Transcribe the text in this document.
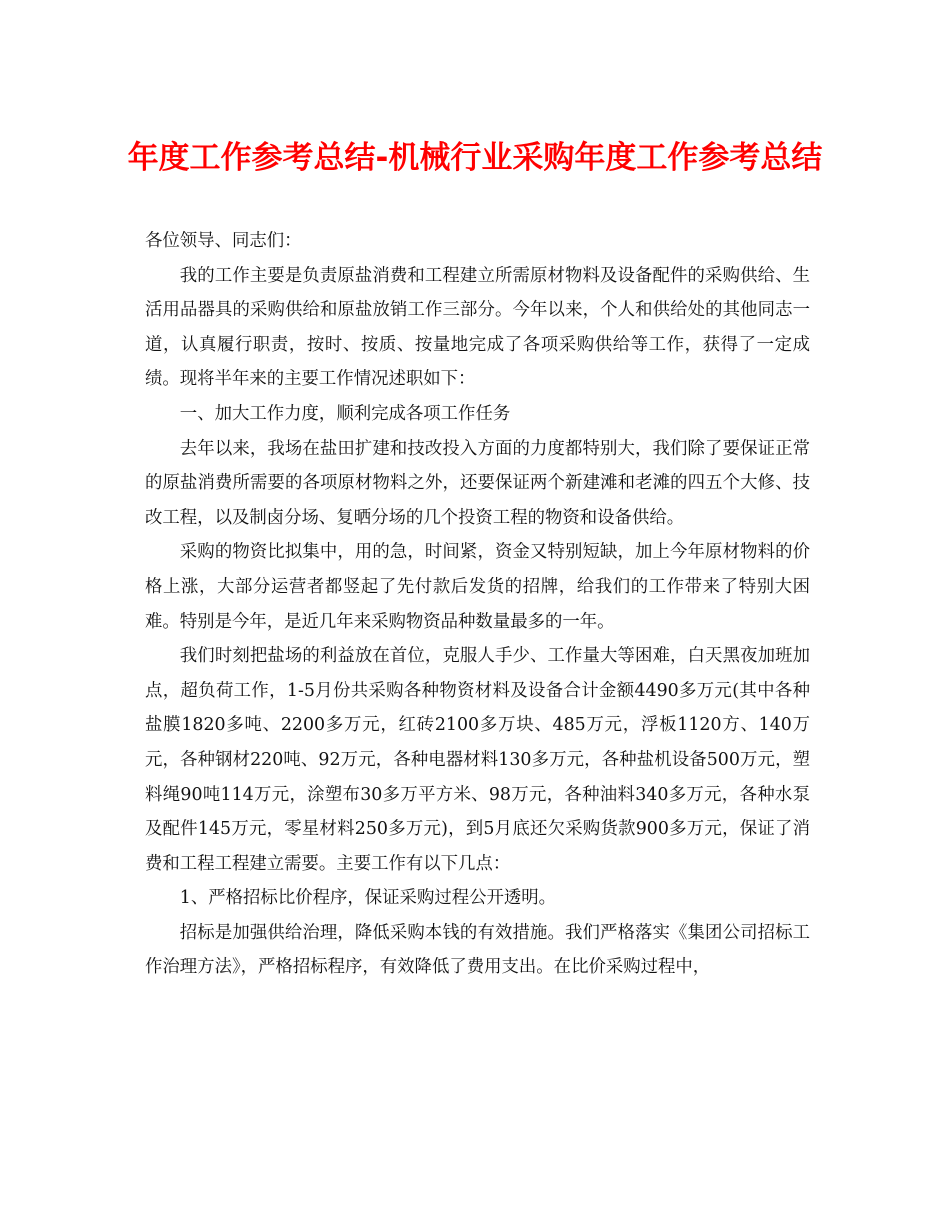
年度工作参考总结-机械行业采购年度工作参考总结

各位领导、同志们：

我的工作主要是负责原盐消费和工程建立所需原材物料及设备配件的采购供给、生活用品器具的采购供给和原盐放销工作三部分。今年以来，个人和供给处的其他同志一道，认真履行职责，按时、按质、按量地完成了各项采购供给等工作，获得了一定成绩。现将半年来的主要工作情况述职如下：

一、加大工作力度，顺利完成各项工作任务

去年以来，我场在盐田扩建和技改投入方面的力度都特别大，我们除了要保证正常的原盐消费所需要的各项原材物料之外，还要保证两个新建滩和老滩的四五个大修、技改工程，以及制卤分场、复晒分场的几个投资工程的物资和设备供给。

采购的物资比拟集中，用的急，时间紧，资金又特别短缺，加上今年原材物料的价格上涨，大部分运营者都竖起了先付款后发货的招牌，给我们的工作带来了特别大困难。特别是今年，是近几年来采购物资品种数量最多的一年。

我们时刻把盐场的利益放在首位，克服人手少、工作量大等困难，白天黑夜加班加点，超负荷工作，1-5月份共采购各种物资材料及设备合计金额4490多万元(其中各种盐膜1820多吨、2200多万元，红砖2100多万块、485万元，浮板1120方、140万元，各种钢材220吨、92万元，各种电器材料130多万元，各种盐机设备500万元，塑料绳90吨114万元，涂塑布30多万平方米、98万元，各种油料340多万元，各种水泵及配件145万元，零星材料250多万元)，到5月底还欠采购货款900多万元，保证了消费和工程工程建立需要。主要工作有以下几点：

1、严格招标比价程序，保证采购过程公开透明。

招标是加强供给治理，降低采购本钱的有效措施。我们严格落实《集团公司招标工作治理方法》，严格招标程序，有效降低了费用支出。在比价采购过程中，
